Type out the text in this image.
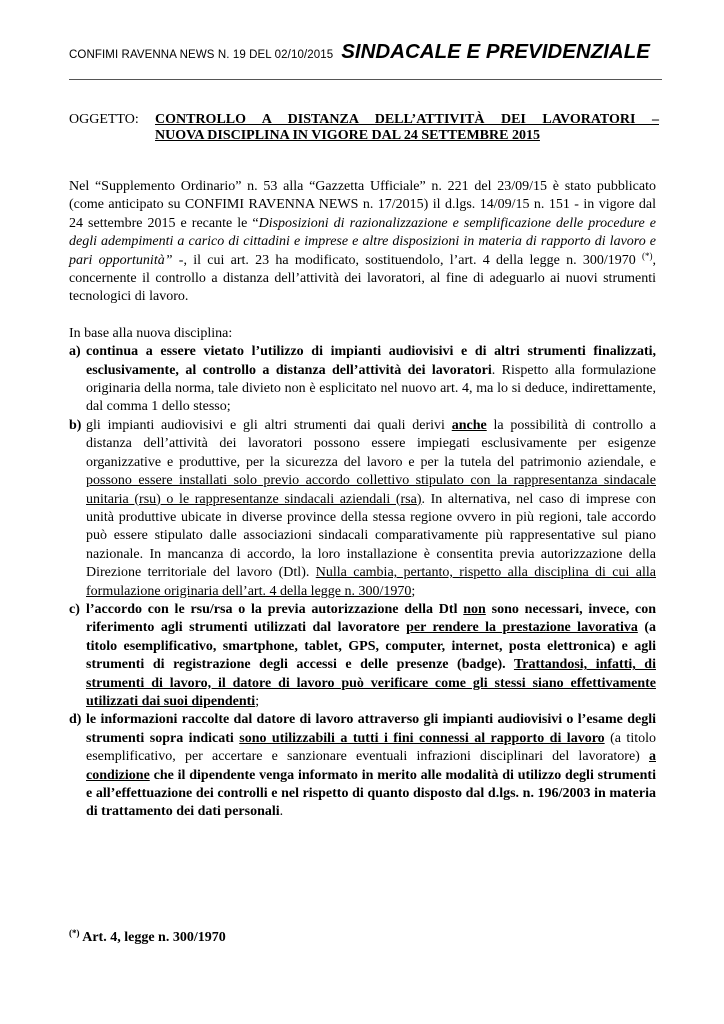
CONFIMI RAVENNA NEWS N. 19 DEL 02/10/2015 SINDACALE E PREVIDENZIALE
OGGETTO:	CONTROLLO A DISTANZA DELL’ATTIVITÀ DEI LAVORATORI –
NUOVA DISCIPLINA IN VIGORE DAL 24 SETTEMBRE 2015

Nel “Supplemento Ordinario” n. 53 alla “Gazzetta Ufficiale” n. 221 del 23/09/15 è stato pubblicato (come anticipato su CONFIMI RAVENNA NEWS n. 17/2015) il d.lgs. 14/09/15 n. 151 - in vigore dal 24 settembre 2015 e recante le “Disposizioni di razionalizzazione e semplificazione delle procedure e degli adempimenti a carico di cittadini e imprese e altre disposizioni in materia di rapporto di lavoro e pari opportunità” -, il cui art. 23 ha modificato, sostituendolo, l’art. 4 della legge n. 300/1970 (*), concernente il controllo a distanza dell’attività dei lavoratori, al fine di adeguarlo ai nuovi strumenti tecnologici di lavoro.

In base alla nuova disciplina:

a) continua a essere vietato l’utilizzo di impianti audiovisivi e di altri strumenti finalizzati, esclusivamente, al controllo a distanza dell’attività dei lavoratori. Rispetto alla formulazione originaria della norma, tale divieto non è esplicitato nel nuovo art. 4, ma lo si deduce, indirettamente, dal comma 1 dello stesso;
b) gli impianti audiovisivi e gli altri strumenti dai quali derivi anche la possibilità di controllo a distanza dell’attività dei lavoratori possono essere impiegati esclusivamente per esigenze organizzative e produttive, per la sicurezza del lavoro e per la tutela del patrimonio aziendale, e possono essere installati solo previo accordo collettivo stipulato con la rappresentanza sindacale unitaria (rsu) o le rappresentanze sindacali aziendali (rsa). In alternativa, nel caso di imprese con unità produttive ubicate in diverse province della stessa regione ovvero in più regioni, tale accordo può essere stipulato dalle associazioni sindacali comparativamente più rappresentative sul piano nazionale. In mancanza di accordo, la loro installazione è consentita previa autorizzazione della Direzione territoriale del lavoro (Dtl). Nulla cambia, pertanto, rispetto alla disciplina di cui alla formulazione originaria dell’art. 4 della legge n. 300/1970;
c) l’accordo con le rsu/rsa o la previa autorizzazione della Dtl non sono necessari, invece, con riferimento agli strumenti utilizzati dal lavoratore per rendere la prestazione lavorativa (a titolo esemplificativo, smartphone, tablet, GPS, computer, internet, posta elettronica) e agli strumenti di registrazione degli accessi e delle presenze (badge). Trattandosi, infatti, di strumenti di lavoro, il datore di lavoro può verificare come gli stessi siano effettivamente utilizzati dai suoi dipendenti;
d) le informazioni raccolte dal datore di lavoro attraverso gli impianti audiovisivi o l’esame degli strumenti sopra indicati sono utilizzabili a tutti i fini connessi al rapporto di lavoro (a titolo esemplificativo, per accertare e sanzionare eventuali infrazioni disciplinari del lavoratore) a condizione che il dipendente venga informato in merito alle modalità di utilizzo degli strumenti e all’effettuazione dei controlli e nel rispetto di quanto disposto dal d.lgs. n. 196/2003 in materia di trattamento dei dati personali.
(*) Art. 4, legge n. 300/1970
